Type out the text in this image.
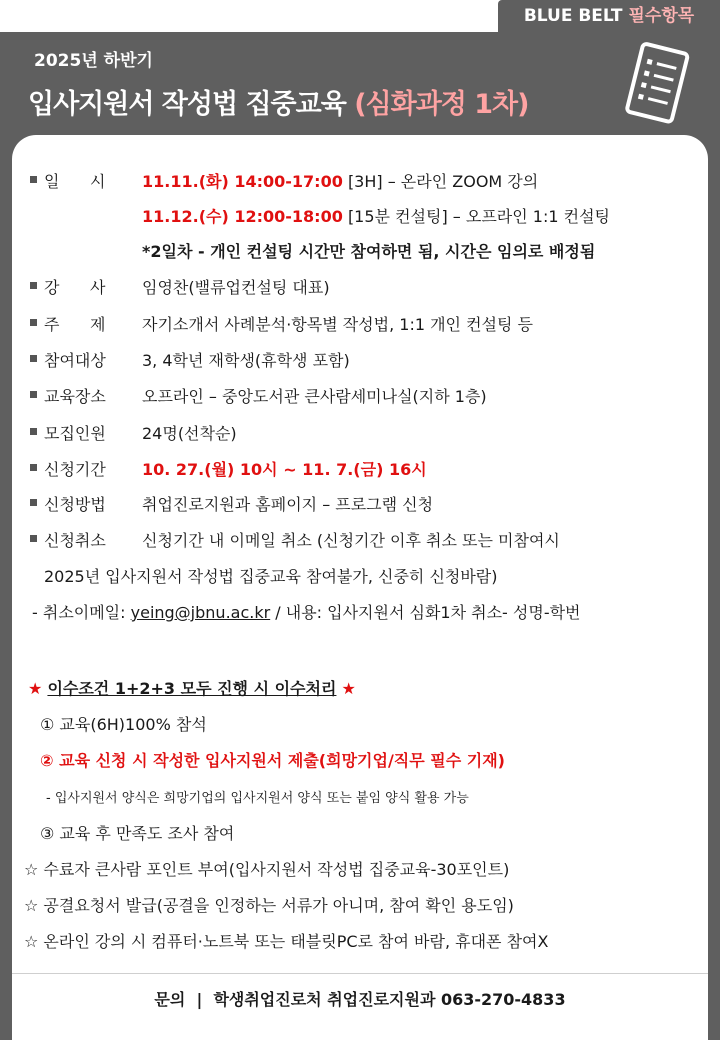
BLUE BELT 필수항목
2025년 하반기
입사지원서 작성법 집중교육 (심화과정 1차)
일      시 11.11.(화) 14:00-17:00 [3H] – 온라인 ZOOM 강의
11.12.(수) 12:00-18:00 [15분 컨설팅] – 오프라인 1:1 컨설팅
*2일차 - 개인 컨설팅 시간만 참여하면 됨, 시간은 임의로 배정됨
강      사 임영찬(밸류업컨설팅 대표)
주      제 자기소개서 사례분석·항목별 작성법, 1:1 개인 컨설팅 등
참여대상 3, 4학년 재학생(휴학생 포함)
교육장소 오프라인 – 중앙도서관 큰사람세미나실(지하 1층)
모집인원 24명(선착순)
신청기간 10. 27.(월) 10시 ~ 11. 7.(금) 16시
신청방법 취업진로지원과 홈페이지 – 프로그램 신청
신청취소 신청기간 내 이메일 취소 (신청기간 이후 취소 또는 미참여시
2025년 입사지원서 작성법 집중교육 참여불가, 신중히 신청바람)
- 취소이메일: yeing@jbnu.ac.kr / 내용: 입사지원서 심화1차 취소- 성명-학번
★ 이수조건 1+2+3 모두 진행 시 이수처리 ★
① 교육(6H)100% 참석
② 교육 신청 시 작성한 입사지원서 제출(희망기업/직무 필수 기재)
- 입사지원서 양식은 희망기업의 입사지원서 양식 또는 붙임 양식 활용 가능
③ 교육 후 만족도 조사 참여
☆ 수료자 큰사람 포인트 부여(입사지원서 작성법 집중교육-30포인트)
☆ 공결요청서 발급(공결을 인정하는 서류가 아니며, 참여 확인 용도임)
☆ 온라인 강의 시 컴퓨터·노트북 또는 태블릿PC로 참여 바람, 휴대폰 참여X
문의  |  학생취업진로처 취업진로지원과 063-270-4833
